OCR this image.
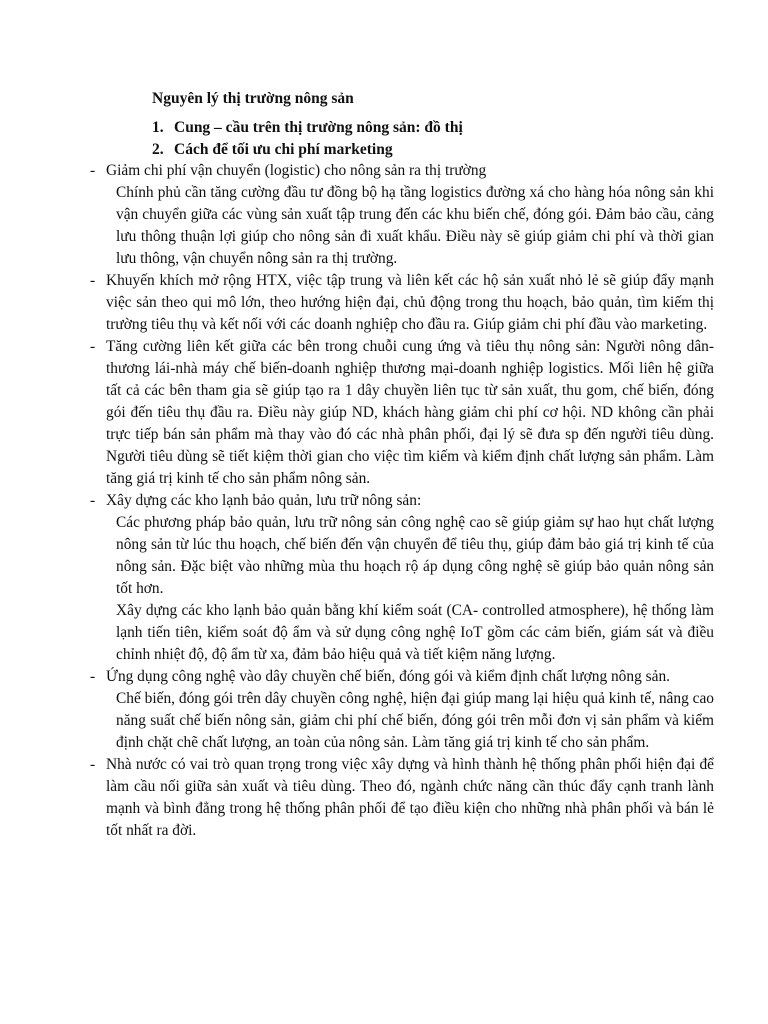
Nguyên lý thị trường nông sản
1. Cung – cầu trên thị trường nông sản: đồ thị
2. Cách để tối ưu chi phí marketing
- Giảm chi phí vận chuyển (logistic) cho nông sản ra thị trường
Chính phủ cần tăng cường đầu tư đồng bộ hạ tầng logistics đường xá cho hàng hóa nông sản khi vận chuyển giữa các vùng sản xuất tập trung đến các khu biến chế, đóng gói. Đảm bảo cầu, cảng lưu thông thuận lợi giúp cho nông sản đi xuất khẩu. Điều này sẽ giúp giảm chi phí và thời gian lưu thông, vận chuyển nông sản ra thị trường.
- Khuyến khích mở rộng HTX, việc tập trung và liên kết các hộ sản xuất nhỏ lẻ sẽ giúp đẩy mạnh việc sản theo qui mô lớn, theo hướng hiện đại, chủ động trong thu hoạch, bảo quản, tìm kiếm thị trường tiêu thụ và kết nối với các doanh nghiệp cho đầu ra. Giúp giảm chi phí đầu vào marketing.
- Tăng cường liên kết giữa các bên trong chuỗi cung ứng và tiêu thụ nông sản: Người nông dân-thương lái-nhà máy chế biến-doanh nghiệp thương mại-doanh nghiệp logistics. Mối liên hệ giữa tất cả các bên tham gia sẽ giúp tạo ra 1 dây chuyền liên tục từ sản xuất, thu gom, chế biến, đóng gói đến tiêu thụ đầu ra. Điều này giúp ND, khách hàng giảm chi phí cơ hội. ND không cần phải trực tiếp bán sản phẩm mà thay vào đó các nhà phân phối, đại lý sẽ đưa sp đến người tiêu dùng. Người tiêu dùng sẽ tiết kiệm thời gian cho việc tìm kiếm và kiểm định chất lượng sản phẩm. Làm tăng giá trị kinh tế cho sản phẩm nông sản.
- Xây dựng các kho lạnh bảo quản, lưu trữ nông sản:
Các phương pháp bảo quản, lưu trữ nông sản công nghệ cao sẽ giúp giảm sự hao hụt chất lượng nông sản từ lúc thu hoạch, chế biến đến vận chuyển để tiêu thụ, giúp đảm bảo giá trị kinh tế của nông sản. Đặc biệt vào những mùa thu hoạch rộ áp dụng công nghệ sẽ giúp bảo quản nông sản tốt hơn.
Xây dựng các kho lạnh bảo quản bằng khí kiểm soát (CA- controlled atmosphere), hệ thống làm lạnh tiến tiên, kiểm soát độ ẩm và sử dụng công nghệ IoT gồm các cảm biến, giám sát và điều chỉnh nhiệt độ, độ ẩm từ xa, đảm bảo hiệu quả và tiết kiệm năng lượng.
- Ứng dụng công nghệ vào dây chuyền chế biến, đóng gói và kiểm định chất lượng nông sản.
Chế biến, đóng gói trên dây chuyền công nghệ, hiện đại giúp mang lại hiệu quả kinh tế, nâng cao năng suất chế biến nông sản, giảm chi phí chế biến, đóng gói trên mỗi đơn vị sản phẩm và kiểm định chặt chẽ chất lượng, an toàn của nông sản. Làm tăng giá trị kinh tế cho sản phẩm.
- Nhà nước có vai trò quan trọng trong việc xây dựng và hình thành hệ thống phân phối hiện đại để làm cầu nối giữa sản xuất và tiêu dùng. Theo đó, ngành chức năng cần thúc đẩy cạnh tranh lành mạnh và bình đẳng trong hệ thống phân phối để tạo điều kiện cho những nhà phân phối và bán lẻ tốt nhất ra đời.
